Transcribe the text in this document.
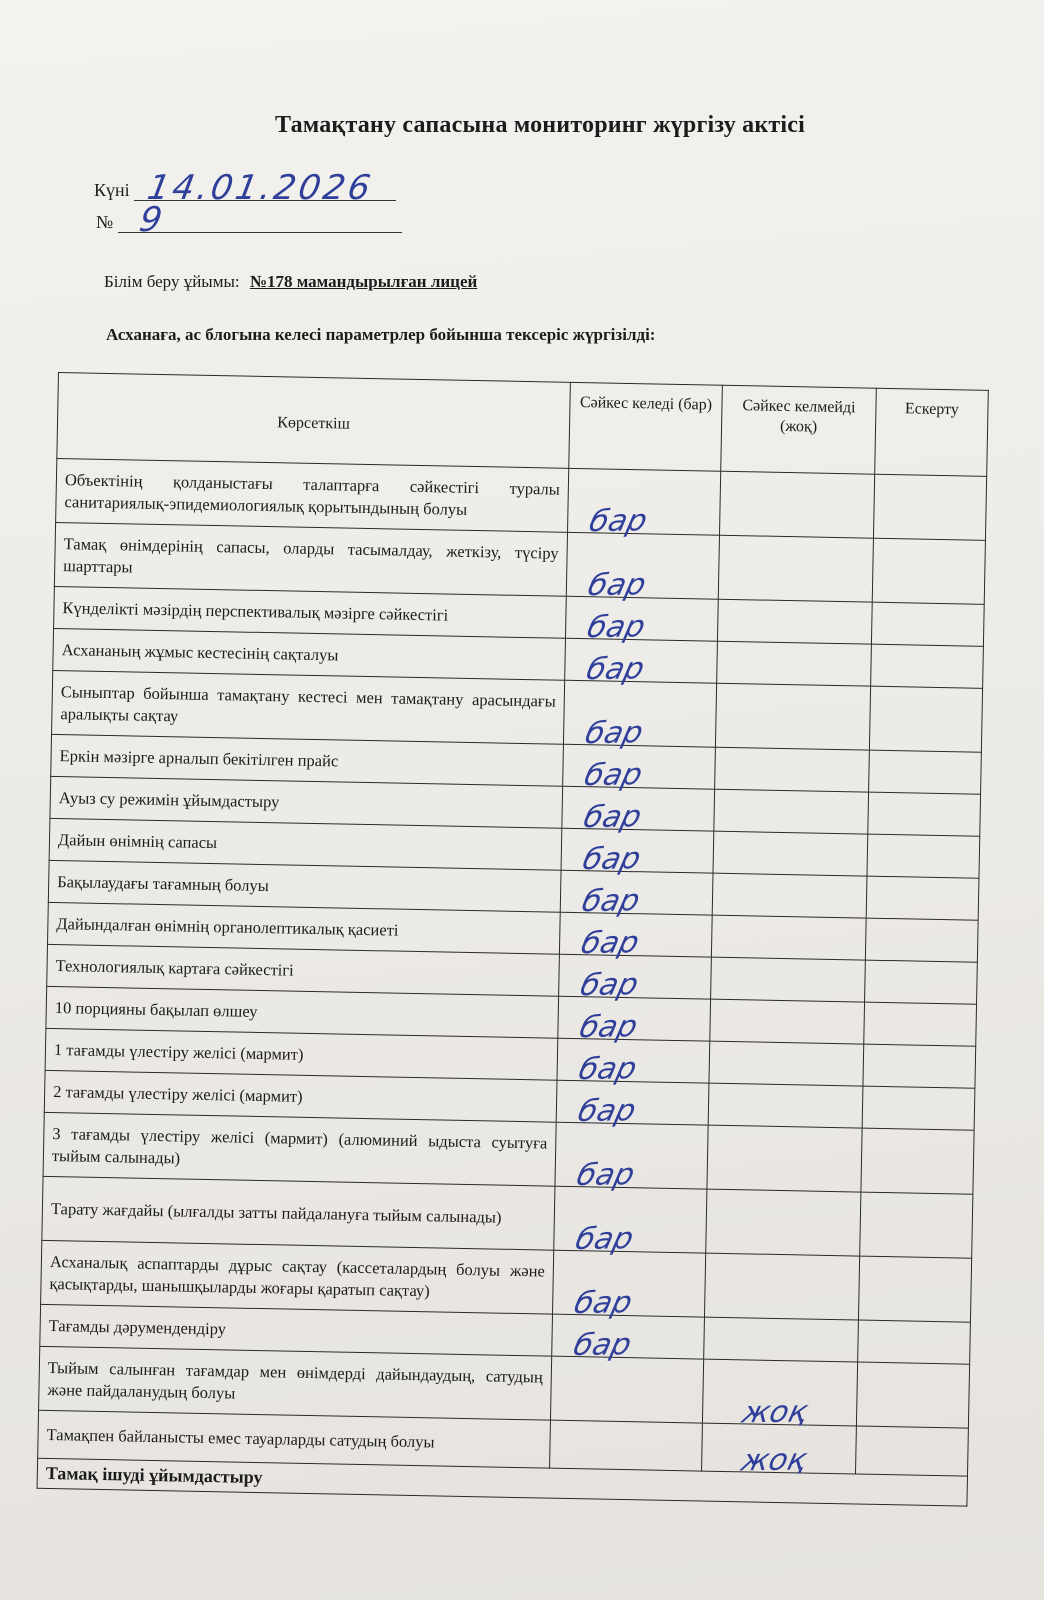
Тамақтану сапасына мониторинг жүргізу актісі
Күні 14.01.2026
№ 9
Білім беру ұйымы: №178 мамандырылған лицей
Асханаға, ас блогына келесі параметрлер бойынша тексеріс жүргізілді:
Көрсеткіш	Сәйкес келеді (бар)	Сәйкес келмейді (жоқ)	Ескерту
Объектінің қолданыстағы талаптарға сәйкестігі туралы санитариялық-эпидемиологиялық қорытындының болуы	бар		

Тамақ өнімдерінің сапасы, оларды тасымалдау, жеткізу, түсіру шарттары	бар		

Күнделікті мәзірдің перспективалық мәзірге сәйкестігі	бар		

Асхананың жұмыс кестесінің сақталуы	бар		

Сыныптар бойынша тамақтану кестесі мен тамақтану арасындағы аралықты сақтау	бар		

Еркін мәзірге арналып бекітілген прайс	бар		

Ауыз су режимін ұйымдастыру	бар		

Дайын өнімнің сапасы	бар		

Бақылаудағы тағамның болуы	бар		

Дайындалған өнімнің органолептикалық қасиеті	бар		

Технологиялық картаға сәйкестігі	бар		

10 порцияны бақылап өлшеу	бар		

1 тағамды үлестіру желісі (мармит)	бар		

2 тағамды үлестіру желісі (мармит)	бар		

3 тағамды үлестіру желісі (мармит) (алюминий ыдыста суытуға тыйым салынады)	бар		

Тарату жағдайы (ылғалды затты пайдалануға тыйым салынады)	бар		

Асханалық аспаптарды дұрыс сақтау (кассеталардың болуы және қасықтарды, шанышқыларды жоғары қаратып сақтау)	бар		

Тағамды дәрумендендіру	бар		

Тыйым салынған тағамдар мен өнімдерді дайындаудың, сатудың және пайдаланудың болуы		жоқ	

Тамақпен байланысты емес тауарларды сатудың болуы		жоқ	

Тамақ ішуді ұйымдастыру			
